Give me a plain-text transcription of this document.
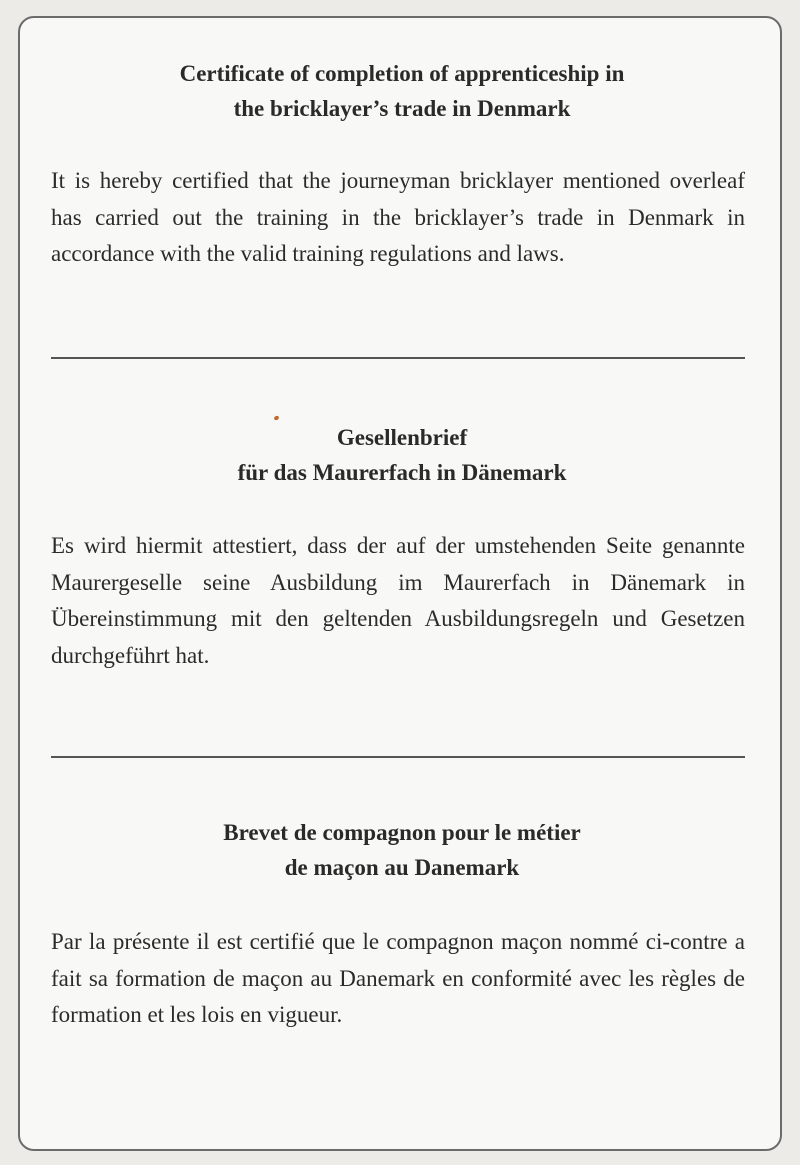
Certificate of completion of apprenticeship in
the bricklayer’s trade in Denmark

It is hereby certified that the journeyman bricklayer mentioned overleaf has carried out the training in the bricklayer’s trade in Denmark in accordance with the valid training regulations and laws.

Gesellenbrief
für das Maurerfach in Dänemark

Es wird hiermit attestiert, dass der auf der umstehenden Seite genannte Maurergeselle seine Ausbildung im Maurerfach in Dänemark in Übereinstimmung mit den geltenden Ausbildungsregeln und Gesetzen durchgeführt hat.

Brevet de compagnon pour le métier
de maçon au Danemark

Par la présente il est certifié que le compagnon maçon nommé ci-contre a fait sa formation de maçon au Danemark en conformité avec les règles de formation et les lois en vigueur.
